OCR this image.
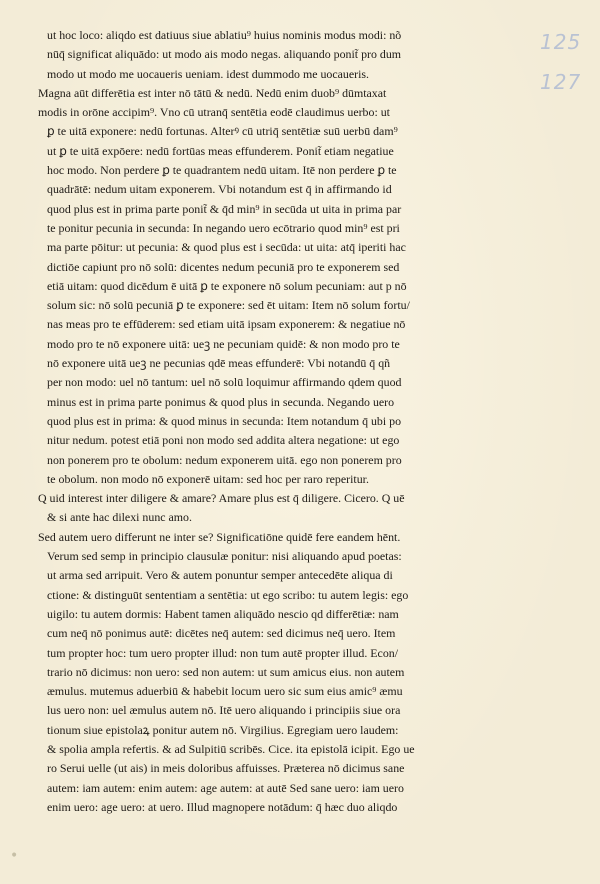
125
127
ut hoc loco: aliqdo est datiuus siue ablatiu⁹ huius nominis modus modi: nõ
nūq̄ significat aliquādo: ut modo ais modo negas. aliquando ponit̃ pro dum
modo ut modo me uocaueris ueniam. idest dummodo me uocaueris.
Magna aūt differētia est inter nō tātū & nedū. Nedū enim duob⁹ dūmtaxat
modis in orōne accipim⁹. Vno cū utranq̄ sentētia eodē claudimus uerbo: ut
ꝑ te uitā exponere: nedū fortunas. Alterꝰ cū utriq̄ sentētiæ suū uerbū dam⁹
ut ꝑ te uitā expōere: nedū fortūas meas effunderem. Ponit̃ etiam negatiue
hoc modo. Non perdere ꝑ te quadrantem nedū uitam. Itē non perdere ꝑ te
quadrātē: nedum uitam exponerem. Vbi notandum est q̄ in affirmando id
quod plus est in prima parte ponit̃ & q̄d min⁹ in secūda ut uita in prima par
te ponitur pecunia in secunda: In negando uero ecōtrario quod min⁹ est pri
ma parte pōitur: ut pecunia: & quod plus est i secūda: ut uita: atq̄ iperiti hac
dictiōe capiunt pro nō solū: dicentes nedum pecuniā pro te exponerem sed
etiā uitam: quod dicēdum ē uitā ꝑ te exponere nō solum pecuniam: aut p nō
solum sic: nō solū pecuniā ꝑ te exponere: sed ēt uitam: Item nō solum fortu/
nas meas pro te effūderem: sed etiam uitā ipsam exponerem: & negatiue nō
modo pro te nō exponere uitā: ueꝫ ne pecuniam quidē: & non modo pro te
nō exponere uitā ueꝫ ne pecunias qdē meas effunderē: Vbi notandū q̄ qñ
per non modo: uel nō tantum: uel nō solū loquimur affirmando qdem quod
minus est in prima parte ponimus & quod plus in secunda. Negando uero
quod plus est in prima: & quod minus in secunda: Item notandum q̄ ubi po
nitur nedum. potest etiā poni non modo sed addita altera negatione: ut ego
non ponerem pro te obolum: nedum exponerem uitā. ego non ponerem pro
te obolum. non modo nō exponerē uitam: sed hoc per raro reperitur.
Q uid interest inter diligere & amare? Amare plus est q̄ diligere. Cicero. Q uē
& si ante hac dilexi nunc amo.
Sed autem uero differunt ne inter se? Significatiōne quidē fere eandem hēnt.
Verum sed semp in principio clausulæ ponitur: nisi aliquando apud poetas:
ut arma sed arripuit. Vero & autem ponuntur semper antecedēte aliqua di
ctione: & distinguūt sententiam a sentētia: ut ego scribo: tu autem legis: ego
uigilo: tu autem dormis: Habent tamen aliquādo nescio qd differētiæ: nam
cum neq̄ nō ponimus autē: dicētes neq̄ autem: sed dicimus neq̄ uero. Item
tum propter hoc: tum uero propter illud: non tum autē propter illud. Econ/
trario nō dicimus: non uero: sed non autem: ut sum amicus eius. non autem
æmulus. mutemus aduerbiū & habebit locum uero sic sum eius amic⁹ æmu
lus uero non: uel æmulus autem nō. Itē uero aliquando i principiis siue ora
tionum siue epistolaꝝ ponitur autem nō. Virgilius. Egregiam uero laudem:
& spolia ampla refertis. & ad Sulpitiū scribēs. Cice. ita epistolā icipit. Ego ue
ro Serui uelle (ut ais) in meis doloribus affuisses. Præterea nō dicimus sane
autem: iam autem: enim autem: age autem: at autē Sed sane uero: iam uero
enim uero: age uero: at uero. Illud magnopere notādum: q̄ hæc duo aliqdo
•
